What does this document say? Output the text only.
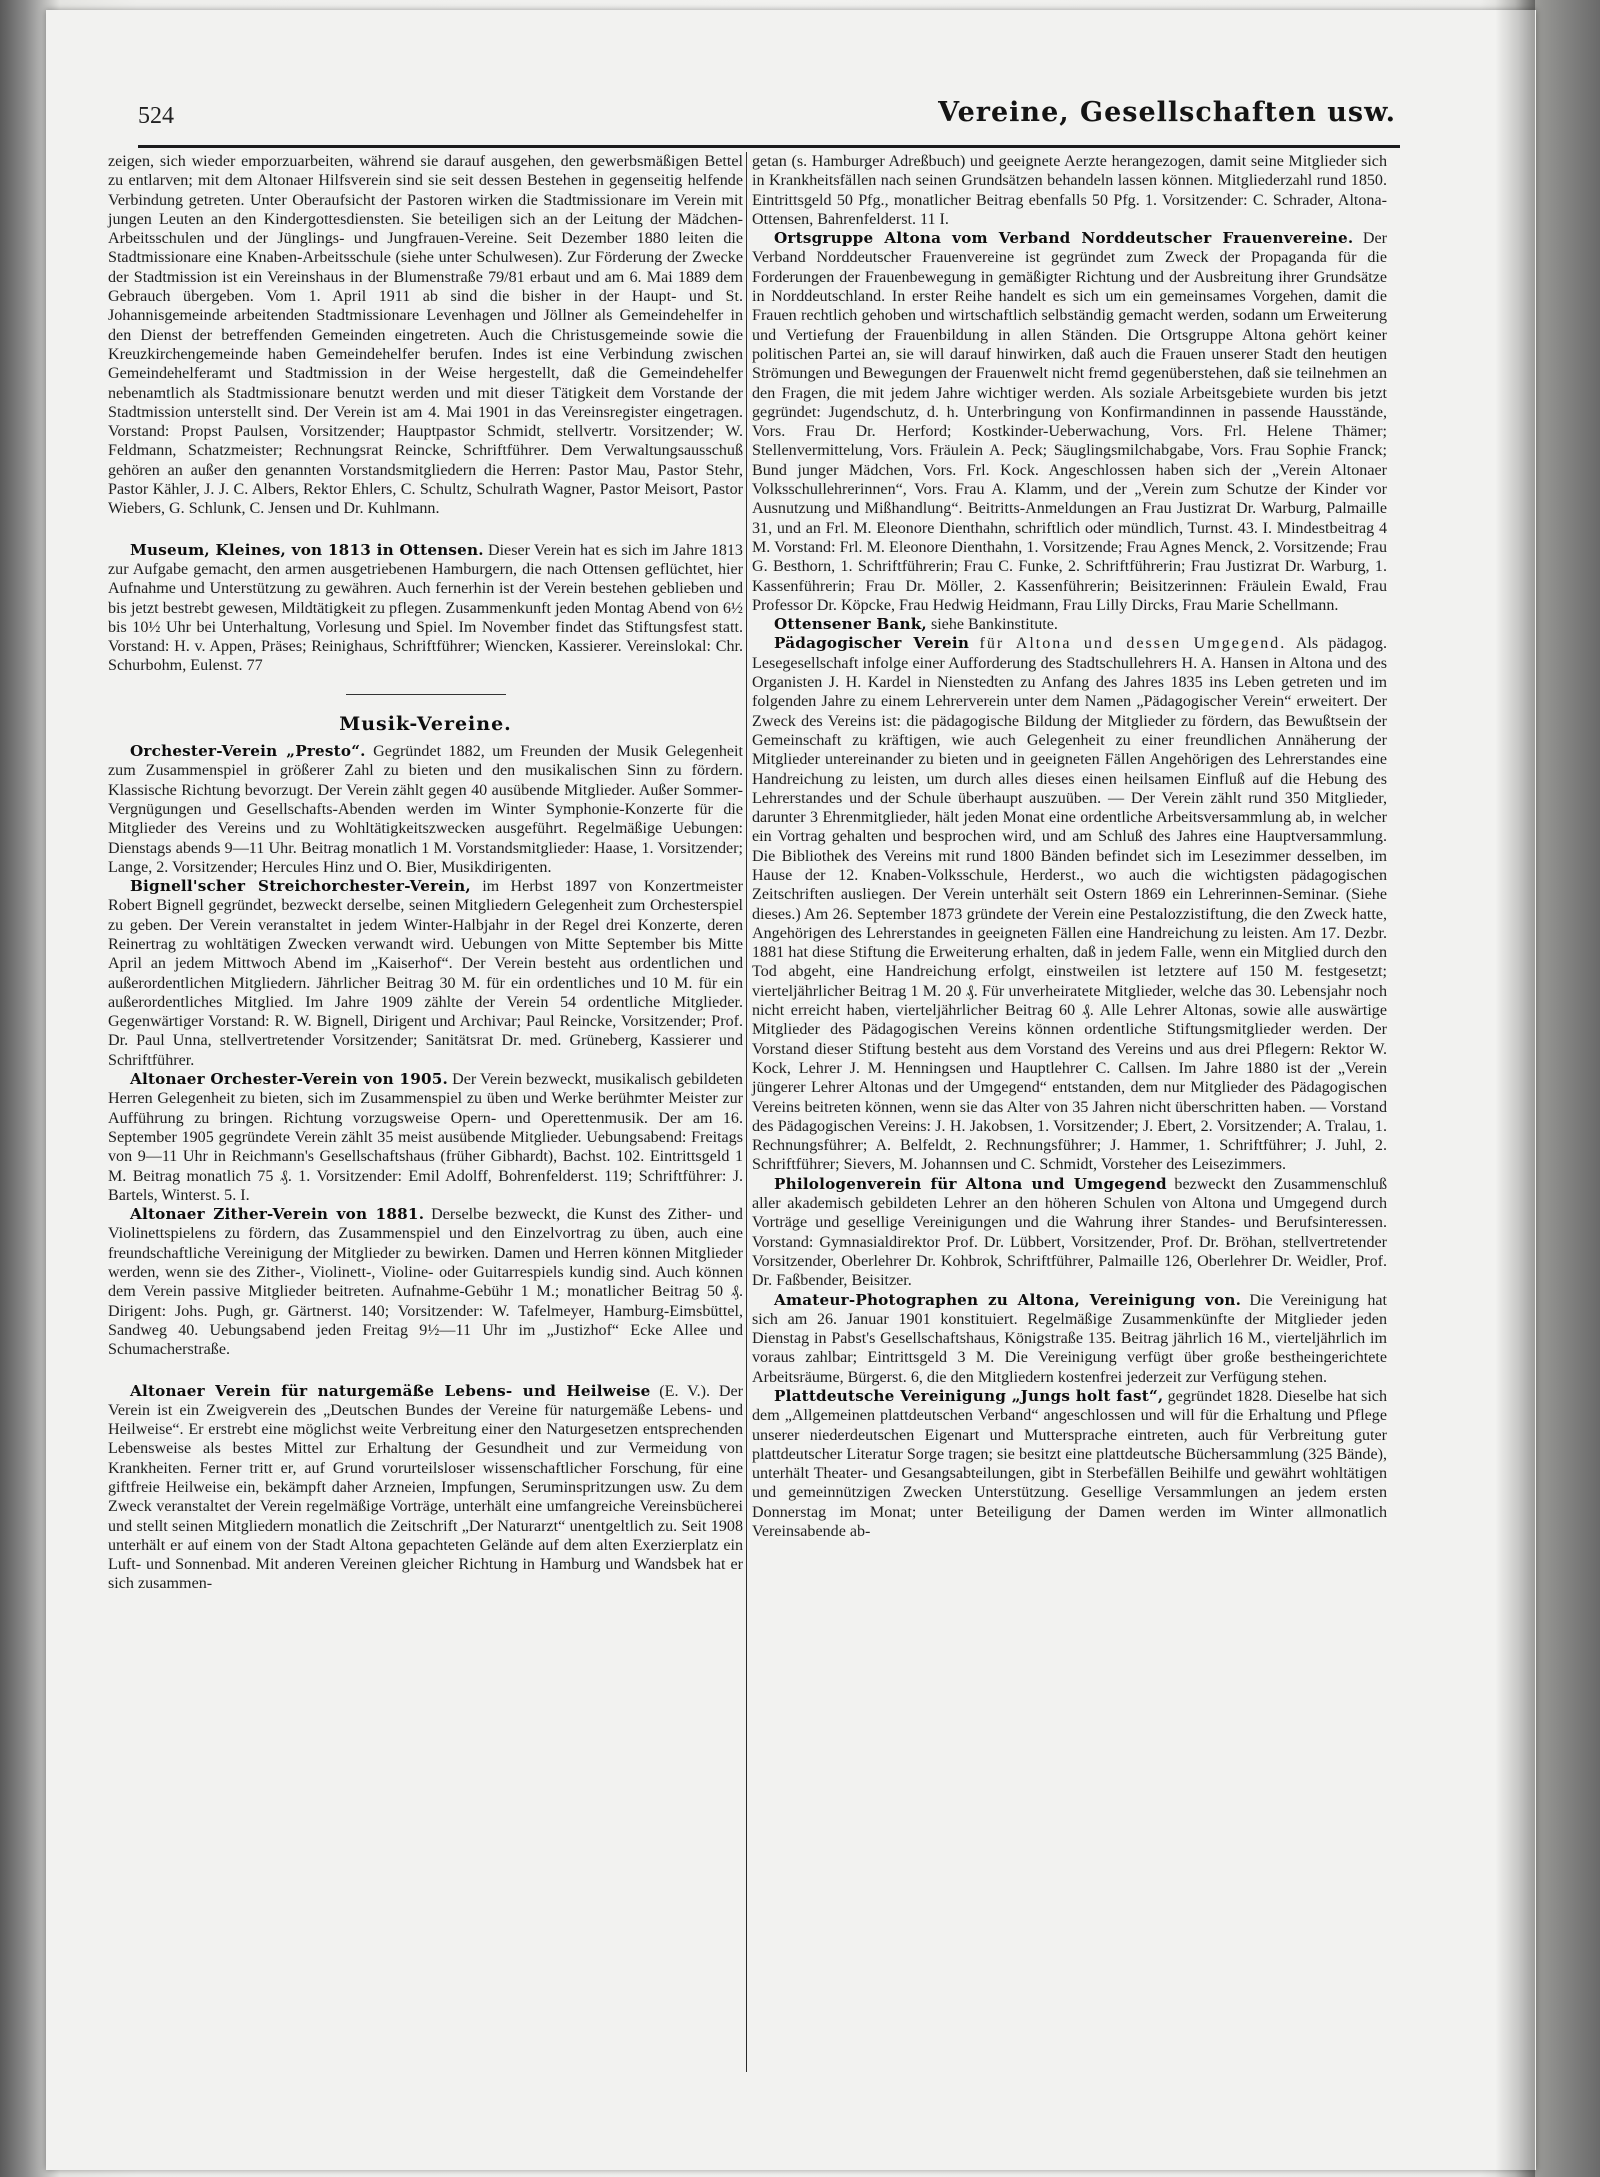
524	Vereine, Gesellschaften usw.

zeigen, sich wieder emporzuarbeiten, während sie darauf ausgehen, den gewerbsmäßigen Bettel zu entlarven; mit dem Altonaer Hilfsverein sind sie seit dessen Bestehen in gegenseitig helfende Verbindung getreten. Unter Oberaufsicht der Pastoren wirken die Stadtmissionare im Verein mit jungen Leuten an den Kindergottesdiensten. Sie beteiligen sich an der Leitung der Mädchen-Arbeitsschulen und der Jünglings- und Jungfrauen-Vereine. Seit Dezember 1880 leiten die Stadtmissionare eine Knaben-Arbeitsschule (siehe unter Schulwesen). Zur Förderung der Zwecke der Stadtmission ist ein Vereinshaus in der Blumenstraße 79/81 erbaut und am 6. Mai 1889 dem Gebrauch übergeben. Vom 1. April 1911 ab sind die bisher in der Haupt- und St. Johannisgemeinde arbeitenden Stadtmissionare Levenhagen und Jöllner als Gemeindehelfer in den Dienst der betreffenden Gemeinden eingetreten. Auch die Christusgemeinde sowie die Kreuzkirchengemeinde haben Gemeindehelfer berufen. Indes ist eine Verbindung zwischen Gemeindehelferamt und Stadtmission in der Weise hergestellt, daß die Gemeindehelfer nebenamtlich als Stadtmissionare benutzt werden und mit dieser Tätigkeit dem Vorstande der Stadtmission unterstellt sind. Der Verein ist am 4. Mai 1901 in das Vereinsregister eingetragen. Vorstand: Propst Paulsen, Vorsitzender; Hauptpastor Schmidt, stellvertr. Vorsitzender; W. Feldmann, Schatzmeister; Rechnungsrat Reincke, Schriftführer. Dem Verwaltungsausschuß gehören an außer den genannten Vorstandsmitgliedern die Herren: Pastor Mau, Pastor Stehr, Pastor Kähler, J. J. C. Albers, Rektor Ehlers, C. Schultz, Schulrath Wagner, Pastor Meisort, Pastor Wiebers, G. Schlunk, C. Jensen und Dr. Kuhlmann.

Museum, Kleines, von 1813 in Ottensen. Dieser Verein hat es sich im Jahre 1813 zur Aufgabe gemacht, den armen ausgetriebenen Hamburgern, die nach Ottensen geflüchtet, hier Aufnahme und Unterstützung zu gewähren. Auch fernerhin ist der Verein bestehen geblieben und bis jetzt bestrebt gewesen, Mildtätigkeit zu pflegen. Zusammenkunft jeden Montag Abend von 6½ bis 10½ Uhr bei Unterhaltung, Vorlesung und Spiel. Im November findet das Stiftungsfest statt. Vorstand: H. v. Appen, Präses; Reinighaus, Schriftführer; Wiencken, Kassierer. Vereinslokal: Chr. Schurbohm, Eulenst. 77

Musik-Vereine.

Orchester-Verein „Presto“. Gegründet 1882, um Freunden der Musik Gelegenheit zum Zusammenspiel in größerer Zahl zu bieten und den musikalischen Sinn zu fördern. Klassische Richtung bevorzugt. Der Verein zählt gegen 40 ausübende Mitglieder. Außer Sommer-Vergnügungen und Gesellschafts-Abenden werden im Winter Symphonie-Konzerte für die Mitglieder des Vereins und zu Wohltätigkeitszwecken ausgeführt. Regelmäßige Uebungen: Dienstags abends 9—11 Uhr. Beitrag monatlich 1 M. Vorstandsmitglieder: Haase, 1. Vorsitzender; Lange, 2. Vorsitzender; Hercules Hinz und O. Bier, Musikdirigenten.

Bignell'scher Streichorchester-Verein, im Herbst 1897 von Konzertmeister Robert Bignell gegründet, bezweckt derselbe, seinen Mitgliedern Gelegenheit zum Orchesterspiel zu geben. Der Verein veranstaltet in jedem Winter-Halbjahr in der Regel drei Konzerte, deren Reinertrag zu wohltätigen Zwecken verwandt wird. Uebungen von Mitte September bis Mitte April an jedem Mittwoch Abend im „Kaiserhof“. Der Verein besteht aus ordentlichen und außerordentlichen Mitgliedern. Jährlicher Beitrag 30 M. für ein ordentliches und 10 M. für ein außerordentliches Mitglied. Im Jahre 1909 zählte der Verein 54 ordentliche Mitglieder. Gegenwärtiger Vorstand: R. W. Bignell, Dirigent und Archivar; Paul Reincke, Vorsitzender; Prof. Dr. Paul Unna, stellvertretender Vorsitzender; Sanitätsrat Dr. med. Grüneberg, Kassierer und Schriftführer.

Altonaer Orchester-Verein von 1905. Der Verein bezweckt, musikalisch gebildeten Herren Gelegenheit zu bieten, sich im Zusammenspiel zu üben und Werke berühmter Meister zur Aufführung zu bringen. Richtung vorzugsweise Opern- und Operettenmusik. Der am 16. September 1905 gegründete Verein zählt 35 meist ausübende Mitglieder. Uebungsabend: Freitags von 9—11 Uhr in Reichmann's Gesellschaftshaus (früher Gibhardt), Bachst. 102. Eintrittsgeld 1 M. Beitrag monatlich 75 ₰. 1. Vorsitzender: Emil Adolff, Bohrenfelderst. 119; Schriftführer: J. Bartels, Winterst. 5. I.

Altonaer Zither-Verein von 1881. Derselbe bezweckt, die Kunst des Zither- und Violinettspielens zu fördern, das Zusammenspiel und den Einzelvortrag zu üben, auch eine freundschaftliche Vereinigung der Mitglieder zu bewirken. Damen und Herren können Mitglieder werden, wenn sie des Zither-, Violinett-, Violine- oder Guitarrespiels kundig sind. Auch können dem Verein passive Mitglieder beitreten. Aufnahme-Gebühr 1 M.; monatlicher Beitrag 50 ₰. Dirigent: Johs. Pugh, gr. Gärtnerst. 140; Vorsitzender: W. Tafelmeyer, Hamburg-Eimsbüttel, Sandweg 40. Uebungsabend jeden Freitag 9½—11 Uhr im „Justizhof“ Ecke Allee und Schumacherstraße.

Altonaer Verein für naturgemäße Lebens- und Heilweise (E. V.). Der Verein ist ein Zweigverein des „Deutschen Bundes der Vereine für naturgemäße Lebens- und Heilweise“. Er erstrebt eine möglichst weite Verbreitung einer den Naturgesetzen entsprechenden Lebensweise als bestes Mittel zur Erhaltung der Gesundheit und zur Vermeidung von Krankheiten. Ferner tritt er, auf Grund vorurteilsloser wissenschaftlicher Forschung, für eine giftfreie Heilweise ein, bekämpft daher Arzneien, Impfungen, Seruminspritzungen usw. Zu dem Zweck veranstaltet der Verein regelmäßige Vorträge, unterhält eine umfangreiche Vereinsbücherei und stellt seinen Mitgliedern monatlich die Zeitschrift „Der Naturarzt“ unentgeltlich zu. Seit 1908 unterhält er auf einem von der Stadt Altona gepachteten Gelände auf dem alten Exerzierplatz ein Luft- und Sonnenbad. Mit anderen Vereinen gleicher Richtung in Hamburg und Wandsbek hat er sich zusammen-

getan (s. Hamburger Adreßbuch) und geeignete Aerzte herangezogen, damit seine Mitglieder sich in Krankheitsfällen nach seinen Grundsätzen behandeln lassen können. Mitgliederzahl rund 1850. Eintrittsgeld 50 Pfg., monatlicher Beitrag ebenfalls 50 Pfg. 1. Vorsitzender: C. Schrader, Altona-Ottensen, Bahrenfelderst. 11 I.

Ortsgruppe Altona vom Verband Norddeutscher Frauenvereine. Der Verband Norddeutscher Frauenvereine ist gegründet zum Zweck der Propaganda für die Forderungen der Frauenbewegung in gemäßigter Richtung und der Ausbreitung ihrer Grundsätze in Norddeutschland. In erster Reihe handelt es sich um ein gemeinsames Vorgehen, damit die Frauen rechtlich gehoben und wirtschaftlich selbständig gemacht werden, sodann um Erweiterung und Vertiefung der Frauenbildung in allen Ständen. Die Ortsgruppe Altona gehört keiner politischen Partei an, sie will darauf hinwirken, daß auch die Frauen unserer Stadt den heutigen Strömungen und Bewegungen der Frauenwelt nicht fremd gegenüberstehen, daß sie teilnehmen an den Fragen, die mit jedem Jahre wichtiger werden. Als soziale Arbeitsgebiete wurden bis jetzt gegründet: Jugendschutz, d. h. Unterbringung von Konfirmandinnen in passende Hausstände, Vors. Frau Dr. Herford; Kostkinder-Ueberwachung, Vors. Frl. Helene Thämer; Stellenvermittelung, Vors. Fräulein A. Peck; Säuglingsmilchabgabe, Vors. Frau Sophie Franck; Bund junger Mädchen, Vors. Frl. Kock. Angeschlossen haben sich der „Verein Altonaer Volksschullehrerinnen“, Vors. Frau A. Klamm, und der „Verein zum Schutze der Kinder vor Ausnutzung und Mißhandlung“. Beitritts-Anmeldungen an Frau Justizrat Dr. Warburg, Palmaille 31, und an Frl. M. Eleonore Dienthahn, schriftlich oder mündlich, Turnst. 43. I. Mindestbeitrag 4 M. Vorstand: Frl. M. Eleonore Dienthahn, 1. Vorsitzende; Frau Agnes Menck, 2. Vorsitzende; Frau G. Besthorn, 1. Schriftführerin; Frau C. Funke, 2. Schriftführerin; Frau Justizrat Dr. Warburg, 1. Kassenführerin; Frau Dr. Möller, 2. Kassenführerin; Beisitzerinnen: Fräulein Ewald, Frau Professor Dr. Köpcke, Frau Hedwig Heidmann, Frau Lilly Dircks, Frau Marie Schellmann.

Ottensener Bank, siehe Bankinstitute.

Pädagogischer Verein für Altona und dessen Umgegend. Als pädagog. Lesegesellschaft infolge einer Aufforderung des Stadtschullehrers H. A. Hansen in Altona und des Organisten J. H. Kardel in Nienstedten zu Anfang des Jahres 1835 ins Leben getreten und im folgenden Jahre zu einem Lehrerverein unter dem Namen „Pädagogischer Verein“ erweitert. Der Zweck des Vereins ist: die pädagogische Bildung der Mitglieder zu fördern, das Bewußtsein der Gemeinschaft zu kräftigen, wie auch Gelegenheit zu einer freundlichen Annäherung der Mitglieder untereinander zu bieten und in geeigneten Fällen Angehörigen des Lehrerstandes eine Handreichung zu leisten, um durch alles dieses einen heilsamen Einfluß auf die Hebung des Lehrerstandes und der Schule überhaupt auszuüben. — Der Verein zählt rund 350 Mitglieder, darunter 3 Ehrenmitglieder, hält jeden Monat eine ordentliche Arbeitsversammlung ab, in welcher ein Vortrag gehalten und besprochen wird, und am Schluß des Jahres eine Hauptversammlung. Die Bibliothek des Vereins mit rund 1800 Bänden befindet sich im Lesezimmer desselben, im Hause der 12. Knaben-Volksschule, Herderst., wo auch die wichtigsten pädagogischen Zeitschriften ausliegen. Der Verein unterhält seit Ostern 1869 ein Lehrerinnen-Seminar. (Siehe dieses.) Am 26. September 1873 gründete der Verein eine Pestalozzistiftung, die den Zweck hatte, Angehörigen des Lehrerstandes in geeigneten Fällen eine Handreichung zu leisten. Am 17. Dezbr. 1881 hat diese Stiftung die Erweiterung erhalten, daß in jedem Falle, wenn ein Mitglied durch den Tod abgeht, eine Handreichung erfolgt, einstweilen ist letztere auf 150 M. festgesetzt; vierteljährlicher Beitrag 1 M. 20 ₰. Für unverheiratete Mitglieder, welche das 30. Lebensjahr noch nicht erreicht haben, vierteljährlicher Beitrag 60 ₰. Alle Lehrer Altonas, sowie alle auswärtige Mitglieder des Pädagogischen Vereins können ordentliche Stiftungsmitglieder werden. Der Vorstand dieser Stiftung besteht aus dem Vorstand des Vereins und aus drei Pflegern: Rektor W. Kock, Lehrer J. M. Henningsen und Hauptlehrer C. Callsen. Im Jahre 1880 ist der „Verein jüngerer Lehrer Altonas und der Umgegend“ entstanden, dem nur Mitglieder des Pädagogischen Vereins beitreten können, wenn sie das Alter von 35 Jahren nicht überschritten haben. — Vorstand des Pädagogischen Vereins: J. H. Jakobsen, 1. Vorsitzender; J. Ebert, 2. Vorsitzender; A. Tralau, 1. Rechnungsführer; A. Belfeldt, 2. Rechnungsführer; J. Hammer, 1. Schriftführer; J. Juhl, 2. Schriftführer; Sievers, M. Johannsen und C. Schmidt, Vorsteher des Leisezimmers.

Philologenverein für Altona und Umgegend bezweckt den Zusammenschluß aller akademisch gebildeten Lehrer an den höheren Schulen von Altona und Umgegend durch Vorträge und gesellige Vereinigungen und die Wahrung ihrer Standes- und Berufsinteressen. Vorstand: Gymnasialdirektor Prof. Dr. Lübbert, Vorsitzender, Prof. Dr. Bröhan, stellvertretender Vorsitzender, Oberlehrer Dr. Kohbrok, Schriftführer, Palmaille 126, Oberlehrer Dr. Weidler, Prof. Dr. Faßbender, Beisitzer.

Amateur-Photographen zu Altona, Vereinigung von. Die Vereinigung hat sich am 26. Januar 1901 konstituiert. Regelmäßige Zusammenkünfte der Mitglieder jeden Dienstag in Pabst's Gesellschaftshaus, Königstraße 135. Beitrag jährlich 16 M., vierteljährlich im voraus zahlbar; Eintrittsgeld 3 M. Die Vereinigung verfügt über große bestheingerichtete Arbeitsräume, Bürgerst. 6, die den Mitgliedern kostenfrei jederzeit zur Verfügung stehen.

Plattdeutsche Vereinigung „Jungs holt fast“, gegründet 1828. Dieselbe hat sich dem „Allgemeinen plattdeutschen Verband“ angeschlossen und will für die Erhaltung und Pflege unserer niederdeutschen Eigenart und Muttersprache eintreten, auch für Verbreitung guter plattdeutscher Literatur Sorge tragen; sie besitzt eine plattdeutsche Büchersammlung (325 Bände), unterhält Theater- und Gesangsabteilungen, gibt in Sterbefällen Beihilfe und gewährt wohltätigen und gemeinnützigen Zwecken Unterstützung. Gesellige Versammlungen an jedem ersten Donnerstag im Monat; unter Beteiligung der Damen werden im Winter allmonatlich Vereinsabende ab-
